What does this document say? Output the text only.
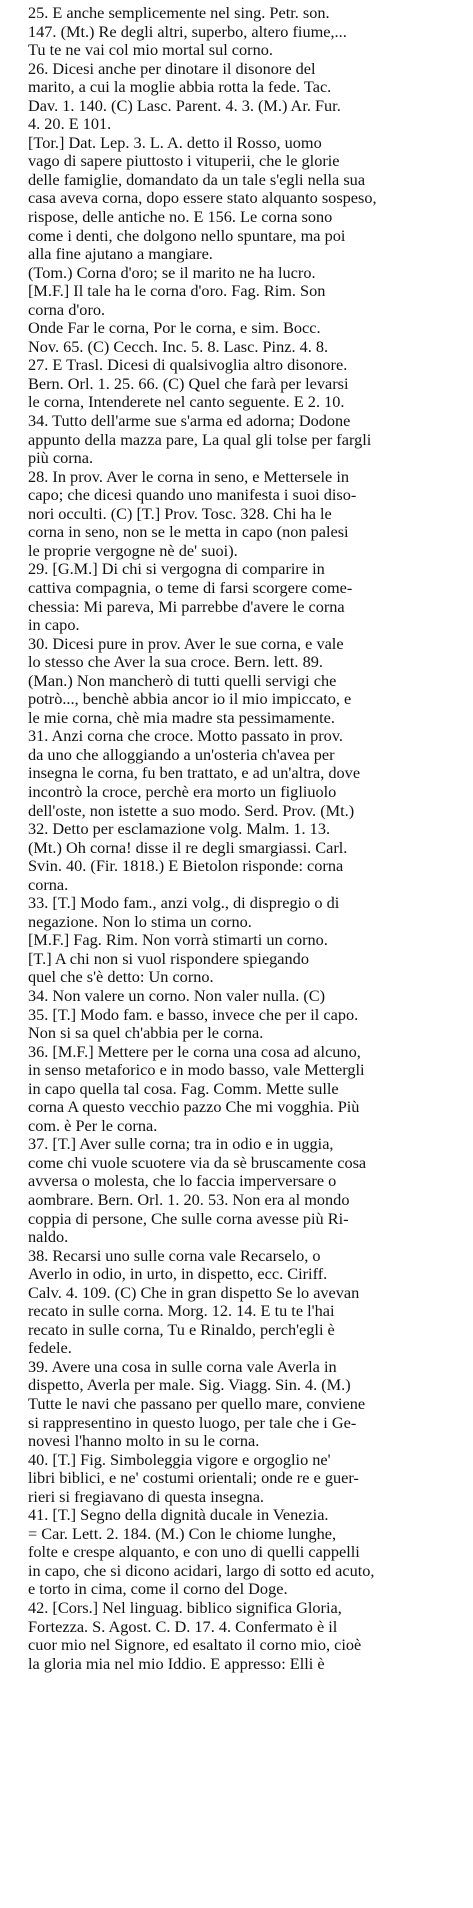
25. E anche semplicemente nel sing. Petr. son.
147. (Mt.) Re degli altri, superbo, altero fiume,...
Tu te ne vai col mio mortal sul corno.
26. Dicesi anche per dinotare il disonore del
marito, a cui la moglie abbia rotta la fede. Tac.
Dav. 1. 140. (C) Lasc. Parent. 4. 3. (M.) Ar. Fur.
4. 20. E 101.
[Tor.] Dat. Lep. 3. L. A. detto il Rosso, uomo
vago di sapere piuttosto i vituperii, che le glorie
delle famiglie, domandato da un tale s'egli nella sua
casa aveva corna, dopo essere stato alquanto sospeso,
rispose, delle antiche no. E 156. Le corna sono
come i denti, che dolgono nello spuntare, ma poi
alla fine ajutano a mangiare.
(Tom.) Corna d'oro; se il marito ne ha lucro.
[M.F.] Il tale ha le corna d'oro. Fag. Rim. Son
corna d'oro.
Onde Far le corna, Por le corna, e sim. Bocc.
Nov. 65. (C) Cecch. Inc. 5. 8. Lasc. Pinz. 4. 8.
27. E Trasl. Dicesi di qualsivoglia altro disonore.
Bern. Orl. 1. 25. 66. (C) Quel che farà per levarsi
le corna, Intenderete nel canto seguente. E 2. 10.
34. Tutto dell'arme sue s'arma ed adorna; Dodone
appunto della mazza pare, La qual gli tolse per fargli
più corna.
28. In prov. Aver le corna in seno, e Mettersele in
capo; che dicesi quando uno manifesta i suoi diso-
nori occulti. (C) [T.] Prov. Tosc. 328. Chi ha le
corna in seno, non se le metta in capo (non palesi
le proprie vergogne nè de' suoi).
29. [G.M.] Di chi si vergogna di comparire in
cattiva compagnia, o teme di farsi scorgere come-
chessia: Mi pareva, Mi parrebbe d'avere le corna
in capo.
30. Dicesi pure in prov. Aver le sue corna, e vale
lo stesso che Aver la sua croce. Bern. lett. 89.
(Man.) Non mancherò di tutti quelli servigi che
potrò..., benchè abbia ancor io il mio impiccato, e
le mie corna, chè mia madre sta pessimamente.
31. Anzi corna che croce. Motto passato in prov.
da uno che alloggiando a un'osteria ch'avea per
insegna le corna, fu ben trattato, e ad un'altra, dove
incontrò la croce, perchè era morto un figliuolo
dell'oste, non istette a suo modo. Serd. Prov. (Mt.)
32. Detto per esclamazione volg. Malm. 1. 13.
(Mt.) Oh corna! disse il re degli smargiassi. Carl.
Svin. 40. (Fir. 1818.) E Bietolon risponde: corna
corna.
33. [T.] Modo fam., anzi volg., di dispregio o di
negazione. Non lo stima un corno.
[M.F.] Fag. Rim. Non vorrà stimarti un corno.
[T.] A chi non si vuol rispondere spiegando
quel che s'è detto: Un corno.
34. Non valere un corno. Non valer nulla. (C)
35. [T.] Modo fam. e basso, invece che per il capo.
Non si sa quel ch'abbia per le corna.
36. [M.F.] Mettere per le corna una cosa ad alcuno,
in senso metaforico e in modo basso, vale Mettergli
in capo quella tal cosa. Fag. Comm. Mette sulle
corna A questo vecchio pazzo Che mi vogghia. Più
com. è Per le corna.
37. [T.] Aver sulle corna; tra in odio e in uggia,
come chi vuole scuotere via da sè bruscamente cosa
avversa o molesta, che lo faccia imperversare o
aombrare. Bern. Orl. 1. 20. 53. Non era al mondo
coppia di persone, Che sulle corna avesse più Ri-
naldo.
38. Recarsi uno sulle corna vale Recarselo, o
Averlo in odio, in urto, in dispetto, ecc. Ciriff.
Calv. 4. 109. (C) Che in gran dispetto Se lo avevan
recato in sulle corna. Morg. 12. 14. E tu te l'hai
recato in sulle corna, Tu e Rinaldo, perch'egli è
fedele.
39. Avere una cosa in sulle corna vale Averla in
dispetto, Averla per male. Sig. Viagg. Sin. 4. (M.)
Tutte le navi che passano per quello mare, conviene
si rappresentino in questo luogo, per tale che i Ge-
novesi l'hanno molto in su le corna.
40. [T.] Fig. Simboleggia vigore e orgoglio ne'
libri biblici, e ne' costumi orientali; onde re e guer-
rieri si fregiavano di questa insegna.
41. [T.] Segno della dignità ducale in Venezia.
= Car. Lett. 2. 184. (M.) Con le chiome lunghe,
folte e crespe alquanto, e con uno di quelli cappelli
in capo, che si dicono acidari, largo di sotto ed acuto,
e torto in cima, come il corno del Doge.
42. [Cors.] Nel linguag. biblico significa Gloria,
Fortezza. S. Agost. C. D. 17. 4. Confermato è il
cuor mio nel Signore, ed esaltato il corno mio, cioè
la gloria mia nel mio Iddio. E appresso: Elli è
